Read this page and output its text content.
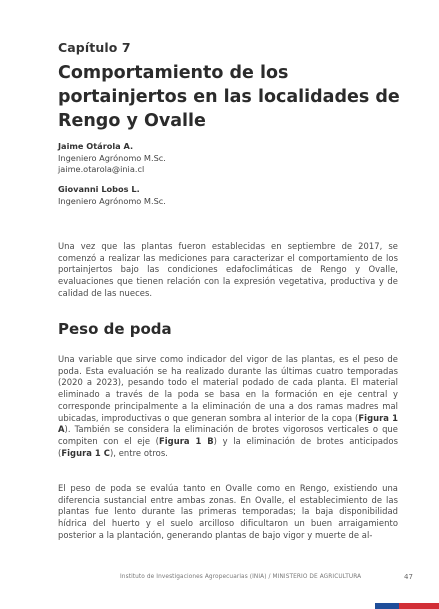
Capítulo 7
Comportamiento de los portainjertos en las localidades de Rengo y Ovalle
Jaime Otárola A.
Ingeniero Agrónomo M.Sc.
jaime.otarola@inia.cl
Giovanni Lobos L.
Ingeniero Agrónomo M.Sc.
Una vez que las plantas fueron establecidas en septiembre de 2017, se comenzó a realizar las mediciones para caracterizar el comportamiento de los portainjertos bajo las condiciones edafoclimáticas de Rengo y Ovalle, evaluaciones que tienen relación con la expresión vegetativa, productiva y de calidad de las nueces.
Peso de poda
Una variable que sirve como indicador del vigor de las plantas, es el peso de poda. Esta evaluación se ha realizado durante las últimas cuatro temporadas (2020 a 2023), pesando todo el material podado de cada planta. El material eliminado a través de la poda se basa en la formación en eje central y corresponde principalmente a la eliminación de una a dos ramas madres mal ubicadas, improductivas o que generan sombra al interior de la copa (Figura 1 A). También se considera la eliminación de brotes vigorosos verticales o que compiten con el eje (Figura 1 B) y la eliminación de brotes anticipados (Figura 1 C), entre otros.
El peso de poda se evalúa tanto en Ovalle como en Rengo, existiendo una diferencia sustancial entre ambas zonas. En Ovalle, el establecimiento de las plantas fue lento durante las primeras temporadas; la baja disponibilidad hídrica del huerto y el suelo arcilloso dificultaron un buen arraigamiento posterior a la plantación, generando plantas de bajo vigor y muerte de al-
Instituto de Investigaciones Agropecuarias (INIA) / MINISTERIO DE AGRICULTURA	47
